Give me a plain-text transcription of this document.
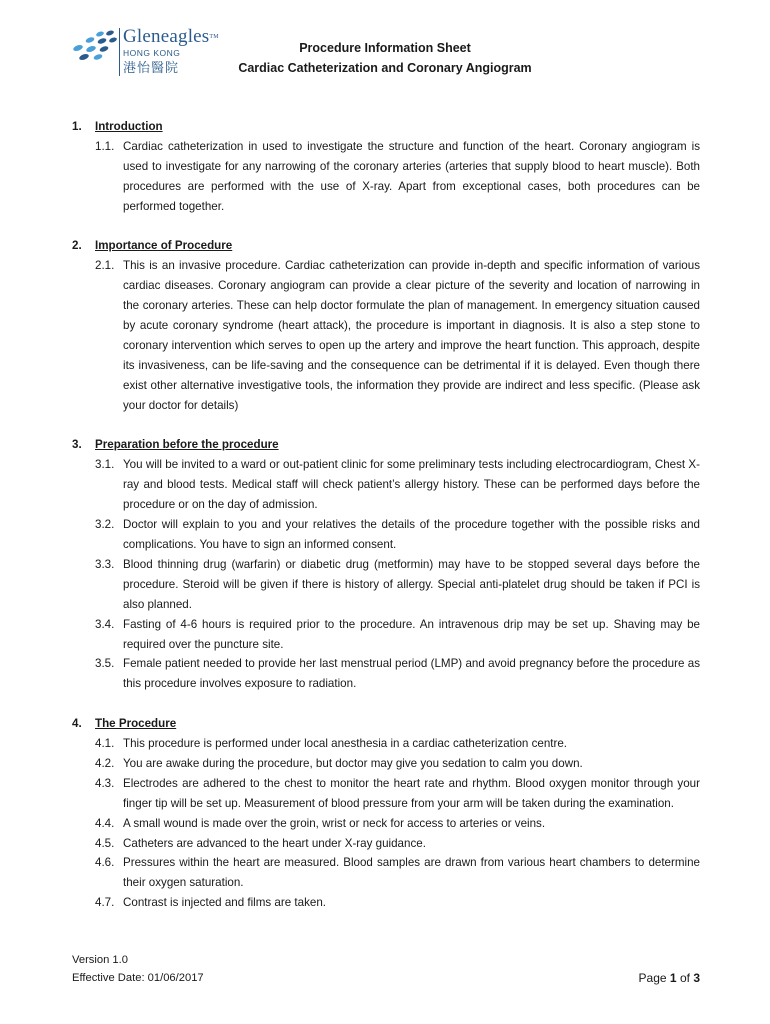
Gleneagles™
HONG KONG
港怡醫院
Procedure Information Sheet
Cardiac Catheterization and Coronary Angiogram
1.	Introduction
1.1. Cardiac catheterization in used to investigate the structure and function of the heart. Coronary angiogram is used to investigate for any narrowing of the coronary arteries (arteries that supply blood to heart muscle). Both procedures are performed with the use of X-ray. Apart from exceptional cases, both procedures can be performed together.
2.	Importance of Procedure
2.1. This is an invasive procedure. Cardiac catheterization can provide in-depth and specific information of various cardiac diseases. Coronary angiogram can provide a clear picture of the severity and location of narrowing in the coronary arteries. These can help doctor formulate the plan of management. In emergency situation caused by acute coronary syndrome (heart attack), the procedure is important in diagnosis. It is also a step stone to coronary intervention which serves to open up the artery and improve the heart function. This approach, despite its invasiveness, can be life-saving and the consequence can be detrimental if it is delayed. Even though there exist other alternative investigative tools, the information they provide are indirect and less specific. (Please ask your doctor for details)
3.	Preparation before the procedure
3.1. You will be invited to a ward or out-patient clinic for some preliminary tests including electrocardiogram, Chest X-ray and blood tests. Medical staff will check patient’s allergy history. These can be performed days before the procedure or on the day of admission.
3.2. Doctor will explain to you and your relatives the details of the procedure together with the possible risks and complications. You have to sign an informed consent.
3.3. Blood thinning drug (warfarin) or diabetic drug (metformin) may have to be stopped several days before the procedure. Steroid will be given if there is history of allergy. Special anti-platelet drug should be taken if PCI is also planned.
3.4. Fasting of 4-6 hours is required prior to the procedure. An intravenous drip may be set up. Shaving may be required over the puncture site.
3.5. Female patient needed to provide her last menstrual period (LMP) and avoid pregnancy before the procedure as this procedure involves exposure to radiation.
4.	The Procedure
4.1. This procedure is performed under local anesthesia in a cardiac catheterization centre.
4.2. You are awake during the procedure, but doctor may give you sedation to calm you down.
4.3. Electrodes are adhered to the chest to monitor the heart rate and rhythm. Blood oxygen monitor through your finger tip will be set up. Measurement of blood pressure from your arm will be taken during the examination.
4.4. A small wound is made over the groin, wrist or neck for access to arteries or veins.
4.5. Catheters are advanced to the heart under X-ray guidance.
4.6. Pressures within the heart are measured. Blood samples are drawn from various heart chambers to determine their oxygen saturation.
4.7. Contrast is injected and films are taken.
Version 1.0
Effective Date: 01/06/2017	Page 1 of 3
